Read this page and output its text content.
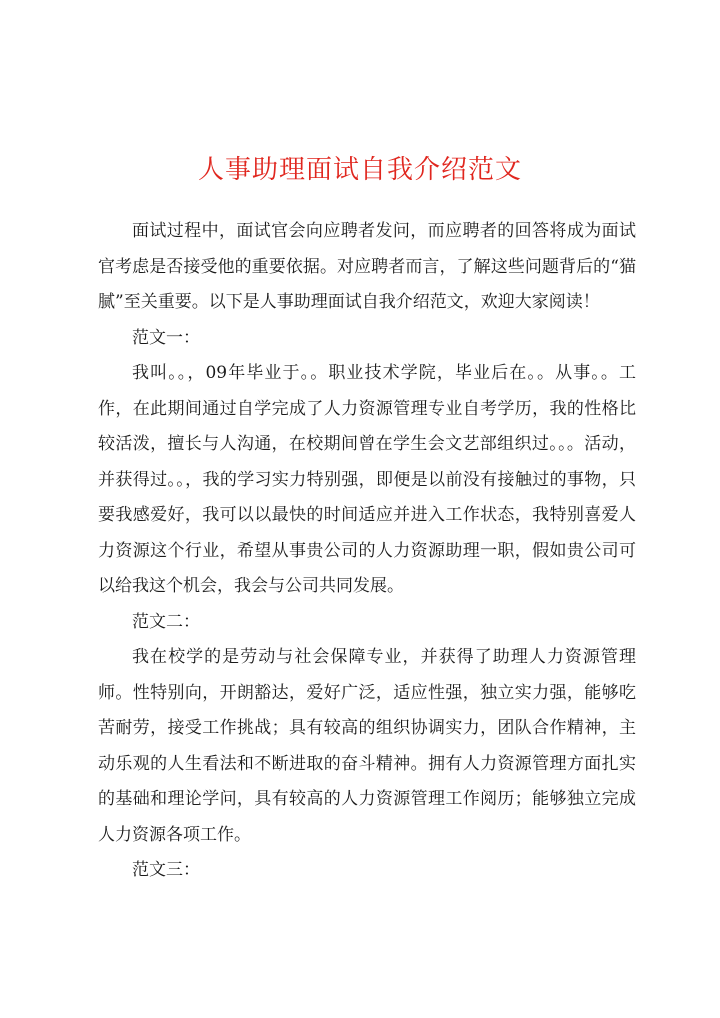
人事助理面试自我介绍范文

面试过程中，面试官会向应聘者发问，而应聘者的回答将成为面试官考虑是否接受他的重要依据。对应聘者而言，了解这些问题背后的“猫腻”至关重要。以下是人事助理面试自我介绍范文，欢迎大家阅读！

范文一：

我叫。。，09年毕业于。。职业技术学院，毕业后在。。从事。。工作，在此期间通过自学完成了人力资源管理专业自考学历，我的性格比较活泼，擅长与人沟通，在校期间曾在学生会文艺部组织过。。。活动，并获得过。。，我的学习实力特别强，即便是以前没有接触过的事物，只要我感爱好，我可以以最快的时间适应并进入工作状态，我特别喜爱人力资源这个行业，希望从事贵公司的人力资源助理一职，假如贵公司可以给我这个机会，我会与公司共同发展。

范文二：

我在校学的是劳动与社会保障专业，并获得了助理人力资源管理师。性特别向，开朗豁达，爱好广泛，适应性强，独立实力强，能够吃苦耐劳，接受工作挑战；具有较高的组织协调实力，团队合作精神，主动乐观的人生看法和不断进取的奋斗精神。拥有人力资源管理方面扎实的基础和理论学问，具有较高的人力资源管理工作阅历；能够独立完成人力资源各项工作。

范文三：
